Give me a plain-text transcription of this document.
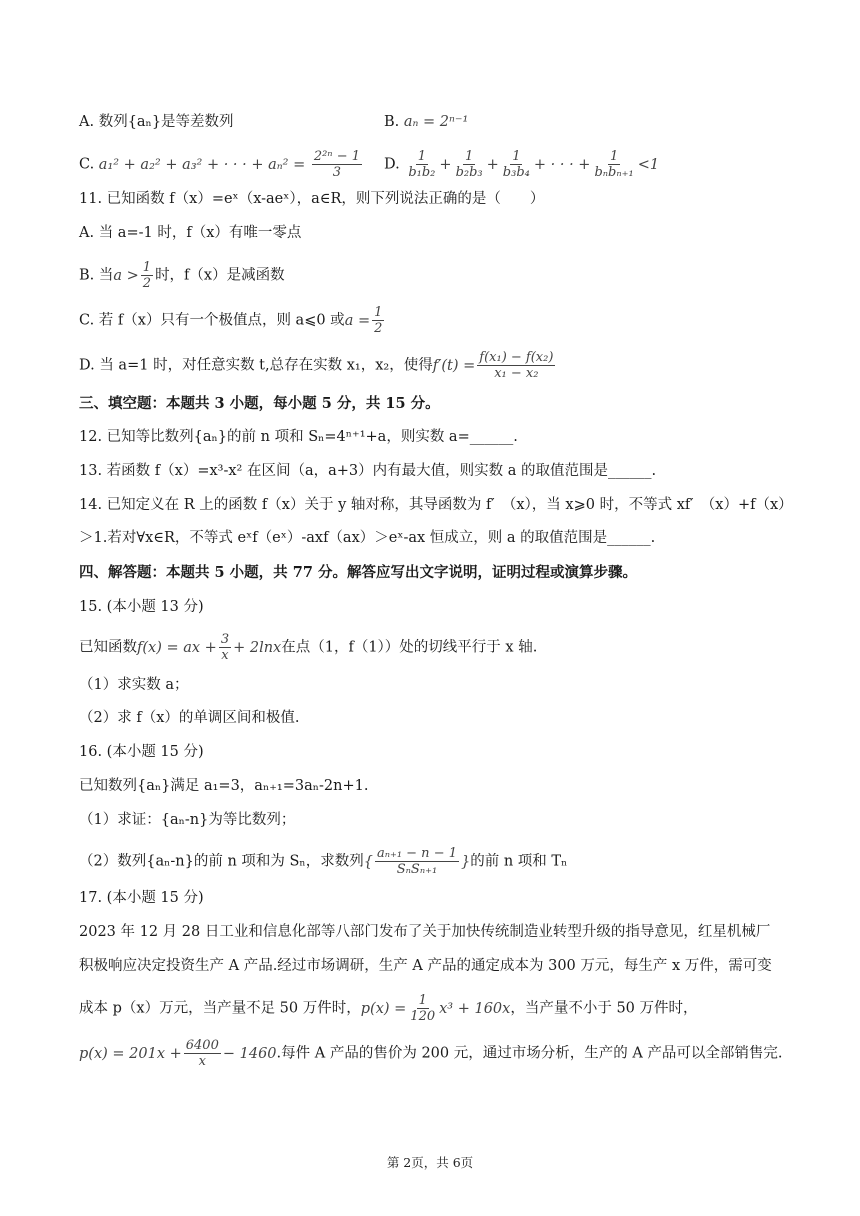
A. 数列{aₙ}是等差数列	B. aₙ = 2ⁿ⁻¹
C. a₁² + a₂² + a₃² + · · · + $a_n^2 = \frac{\text{2²ⁿ − 1}}{3} D$. $\frac{1}{\text{b₁b₂}} + \frac{1}{\text{b₂b₃}} + \frac{1}{\text{b₃b₄}}$ + · · · + $\frac{1}{\text{bₙbₙ₊₁}} <1$
11. 已知函数 f（x）=eˣ（x-aeˣ），a∈R，则下列说法正确的是（　　）
A. 当 a=-1 时，f（x）有唯一零点
B. 当$a > \frac{1}{2}$ 时，f（x）是减函数
C. 若 f（x）只有一个极值点，则 a⩽0 或$a = \frac{1}{2}$
D. 当 a=1 时，对任意实数 t,总存在实数 x₁，x₂，使得$f'(t) = \frac{\text{f(x₁) − f(x₂)}}{\text{x₁ − x₂}}$
三、填空题：本题共 3 小题，每小题 5 分，共 15 分。
12. 已知等比数列{aₙ}的前 n 项和 Sₙ=4ⁿ⁺¹+a，则实数 a=______.
13. 若函数 f（x）=x³-x² 在区间（a，a+3）内有最大值，则实数 a 的取值范围是______.
14. 已知定义在 R 上的函数 f（x）关于 y 轴对称，其导函数为 f′　（x），当 x⩾0 时，不等式 xf′　（x）+f（x）
＞1.若对∀x∈R，不等式 eˣf（eˣ）-axf（ax）＞eˣ-ax 恒成立，则 a 的取值范围是______.
四、解答题：本题共 5 小题，共 77 分。解答应写出文字说明，证明过程或演算步骤。
15. (本小题 13 分)
已知函数f(x) = ax + $\frac{3}{x} + 2\ln x$在点（1，f（1））处的切线平行于 x 轴.
（1）求实数 a；
（2）求 f（x）的单调区间和极值.
16. (本小题 15 分)
已知数列{aₙ}满足 a₁=3，aₙ₊₁=3aₙ-2n+1.
（1）求证：{aₙ-n}为等比数列；
（2）数列{aₙ-n}的前 n 项和为 Sₙ，求数列{ $\frac{\text{aₙ₊₁ − n − 1}}{\text{SₙSₙ₊₁}}$ }的前 n 项和 Tₙ
17. (本小题 15 分)
2023 年 12 月 28 日工业和信息化部等八部门发布了关于加快传统制造业转型升级的指导意见，红星机械厂
积极响应决定投资生产 A 产品.经过市场调研，生产 A 产品的通定成本为 300 万元，每生产 x 万件，需可变
成本 p（x）万元，当产量不足 50 万件时，$p(x) = \frac{1}{120} x^3 + 160x$，当产量不小于 50 万件时，
$p(x) = 201x + \frac{6400}{x} - 1460$.每件 A 产品的售价为 200 元，通过市场分析，生产的 A 产品可以全部销售完.
第 2页，共 6页
